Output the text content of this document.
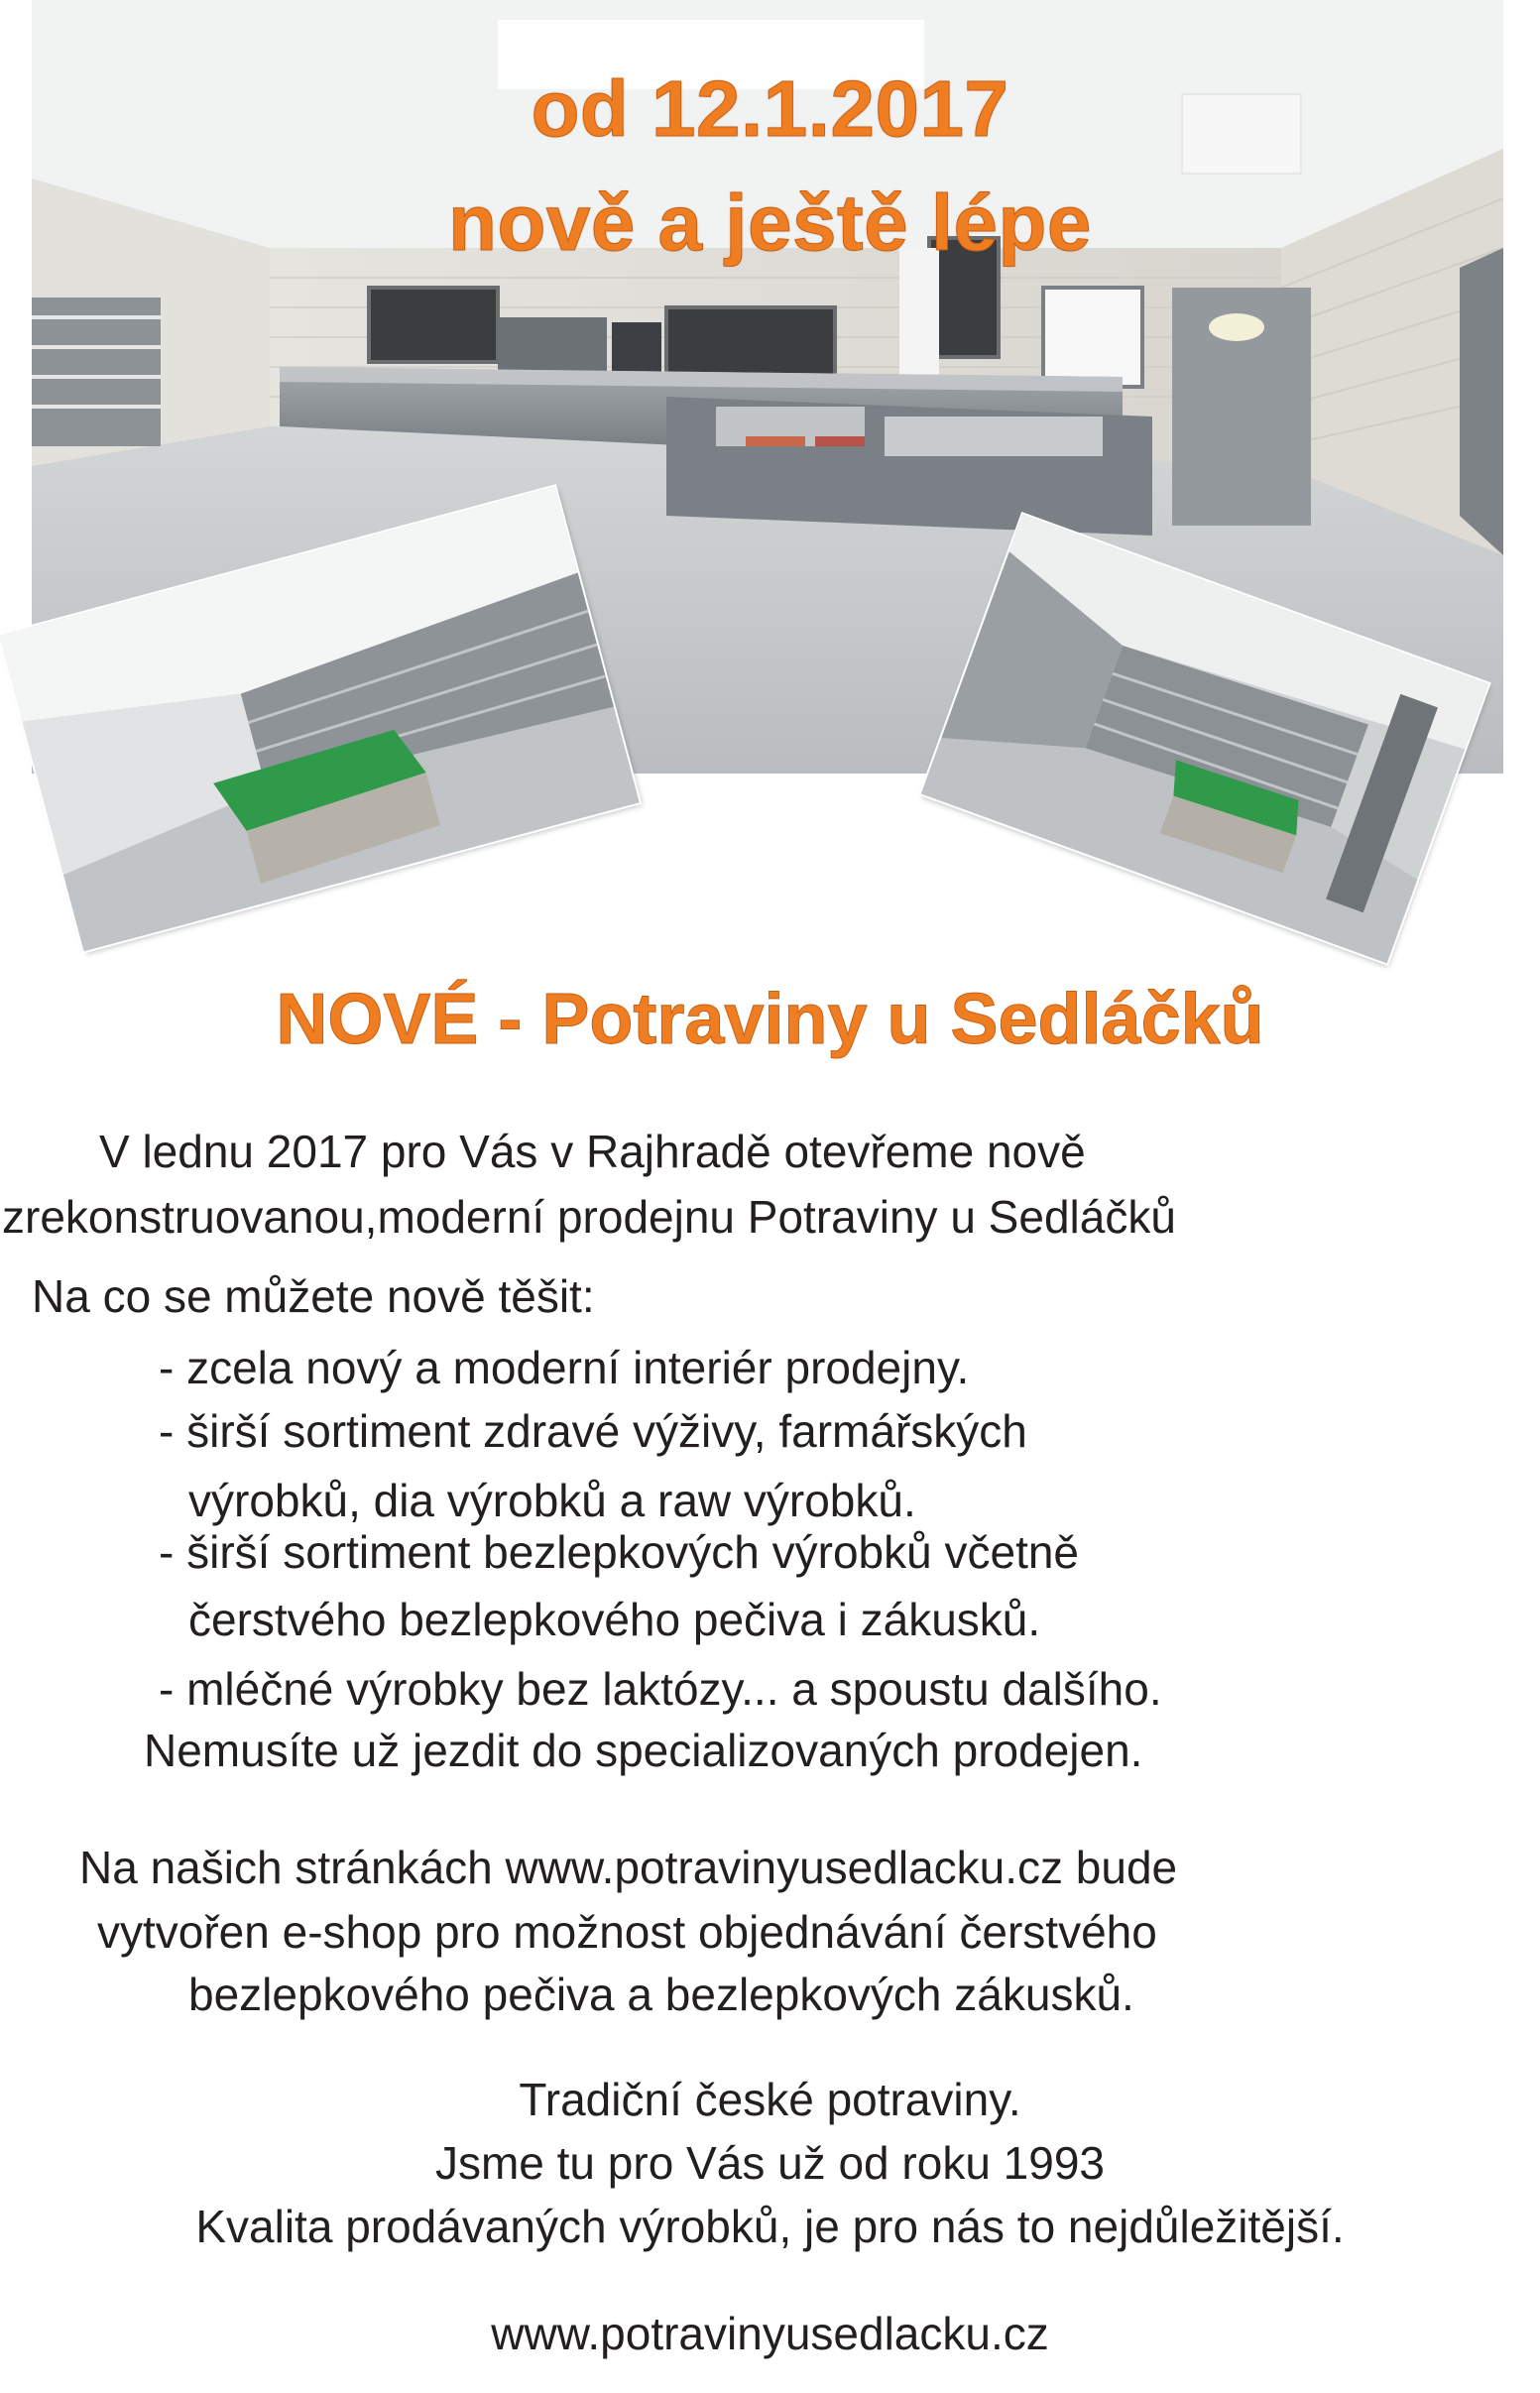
od 12.1.2017
nově a ještě lépe
NOVÉ - Potraviny u Sedláčků
V lednu 2017 pro Vás v Rajhradě otevřeme nově
zrekonstruovanou,moderní prodejnu Potraviny u Sedláčků
Na co se můžete nově těšit:
- zcela nový a moderní interiér prodejny.
- širší sortiment zdravé výživy, farmářských
výrobků, dia výrobků a raw výrobků.
- širší sortiment bezlepkových výrobků včetně
čerstvého bezlepkového pečiva i zákusků.
- mléčné výrobky bez laktózy... a spoustu dalšího.
Nemusíte už jezdit do specializovaných prodejen.
Na našich stránkách www.potravinyusedlacku.cz bude
vytvořen e-shop pro možnost objednávání čerstvého
bezlepkového pečiva a bezlepkových zákusků.
Tradiční české potraviny.
Jsme tu pro Vás už od roku 1993
Kvalita prodávaných výrobků, je pro nás to nejdůležitější.
www.potravinyusedlacku.cz
